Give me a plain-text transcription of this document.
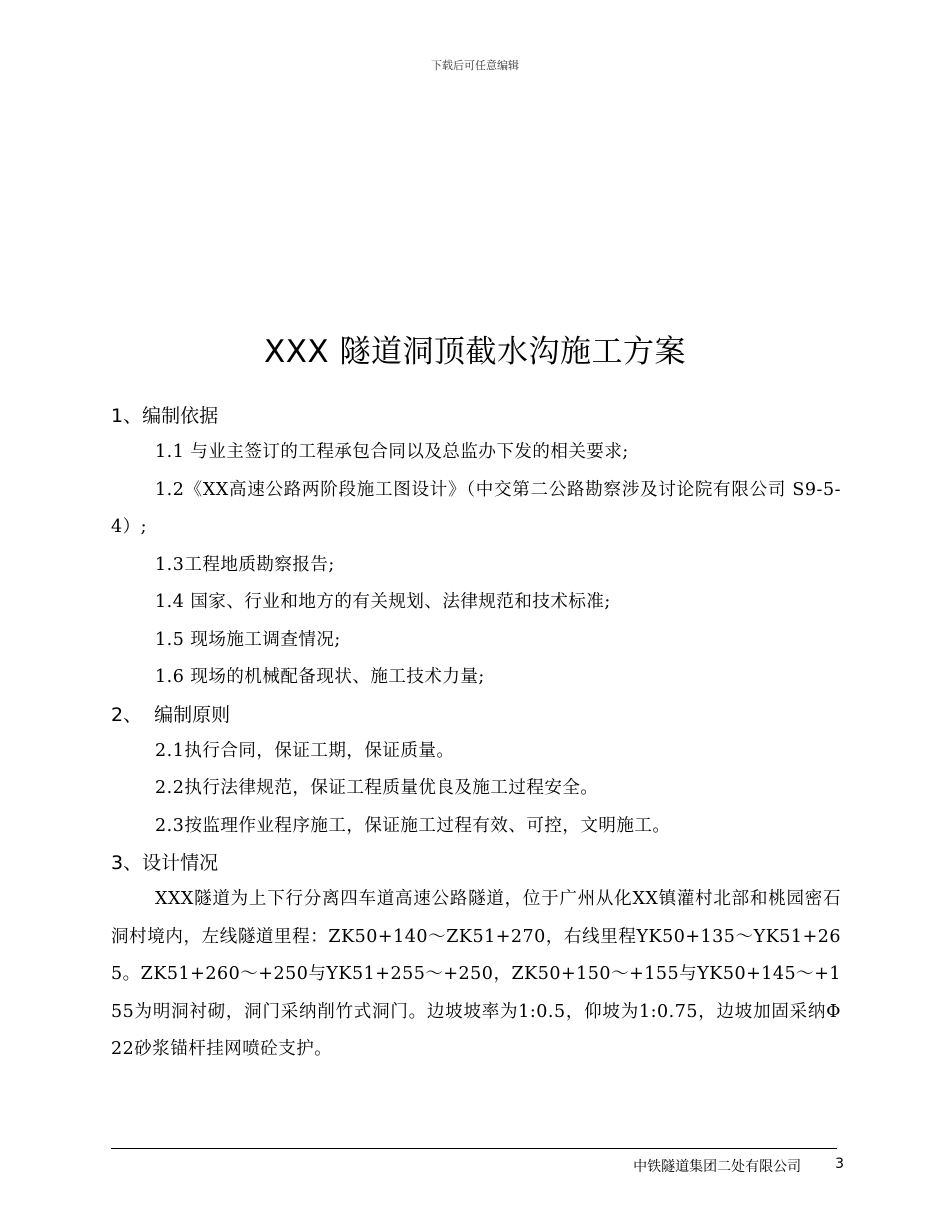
下载后可任意编辑
XXX 隧道洞顶截水沟施工方案
1、编制依据

1.1 与业主签订的工程承包合同以及总监办下发的相关要求;

1.2《XX高速公路两阶段施工图设计》（中交第二公路勘察涉及讨论院有限公司 S9-5-4）;

1.3工程地质勘察报告;

1.4 国家、行业和地方的有关规划、法律规范和技术标准;

1.5 现场施工调查情况;

1.6 现场的机械配备现状、施工技术力量;

2、  编制原则

2.1执行合同，保证工期，保证质量。

2.2执行法律规范，保证工程质量优良及施工过程安全。

2.3按监理作业程序施工，保证施工过程有效、可控，文明施工。

3、设计情况

XXX隧道为上下行分离四车道高速公路隧道，位于广州从化XX镇灌村北部和桃园密石洞村境内，左线隧道里程：ZK50+140～ZK51+270，右线里程YK50+135～YK51+265。ZK51+260～+250与YK51+255～+250，ZK50+150～+155与YK50+145～+155为明洞衬砌，洞门采纳削竹式洞门。边坡坡率为1:0.5，仰坡为1:0.75，边坡加固采纳Φ22砂浆锚杆挂网喷砼支护。

中铁隧道集团二处有限公司 3
